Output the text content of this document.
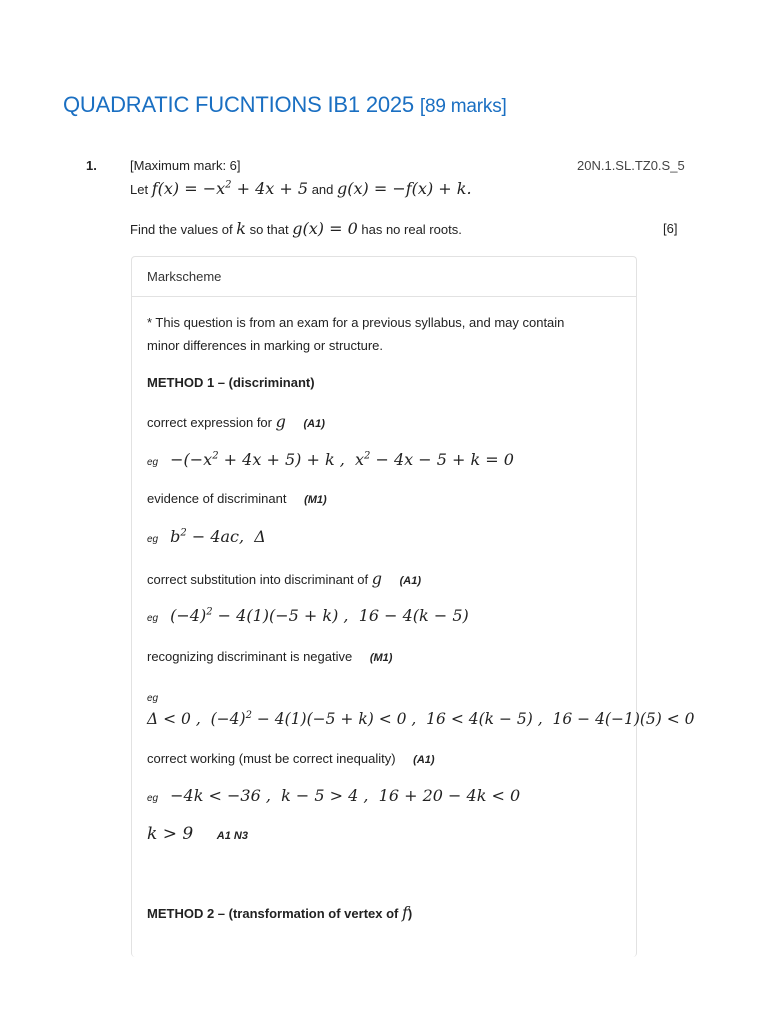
QUADRATIC FUCNTIONS IB1 2025 [89 marks]
1.	[Maximum mark: 6]	20N.1.SL.TZ0.S_5
Let $f(x) = -x^2 + 4x + 5$ and g(x) = −f(x) + k.
Find the values of k so that g(x) = 0 has no real roots.	[6]
Markscheme
* This question is from an exam for a previous syllabus, and may contain
minor differences in marking or structure.
METHOD 1 – (discriminant)
correct expression for g (A1)
eg $-(-x^2 + 4x + 5) + k$ ,  $x^2 - 4x - 5 + k = 0$
evidence of discriminant (M1)
eg $b^2 - 4ac$,  Δ
correct substitution into discriminant of g (A1)
eg $(-4)^2 - 4(1)(-5 + k)$ ,  16 − 4(k − 5)
recognizing discriminant is negative (M1)
eg
Δ < 0 ,  $(-4)^2 - 4(1)(-5 + k) < 0$ ,  16 < 4(k − 5) ,  16 − 4(−1)(5) < 0
correct working (must be correct inequality) (A1)
eg −4k < −36 ,  k − 5 > 4 ,  16 + 20 − 4k < 0
k > 9 A1 N3
METHOD 2 – (transformation of vertex of f)
